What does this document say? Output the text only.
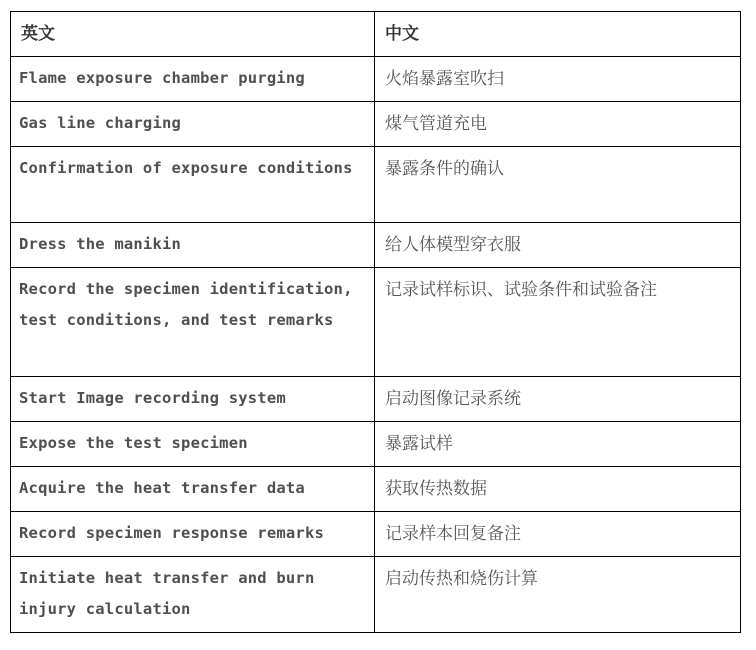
英文	中文

Flame exposure chamber purging	火焰暴露室吹扫

Gas line charging	煤气管道充电

Confirmation of exposure conditions	暴露条件的确认

Dress the manikin	给人体模型穿衣服

Record the specimen identification, test conditions, and test remarks	记录试样标识、试验条件和试验备注

Start Image recording system	启动图像记录系统

Expose the test specimen	暴露试样

Acquire the heat transfer data	获取传热数据

Record specimen response remarks	记录样本回复备注

Initiate heat transfer and burn injury calculation	启动传热和烧伤计算
